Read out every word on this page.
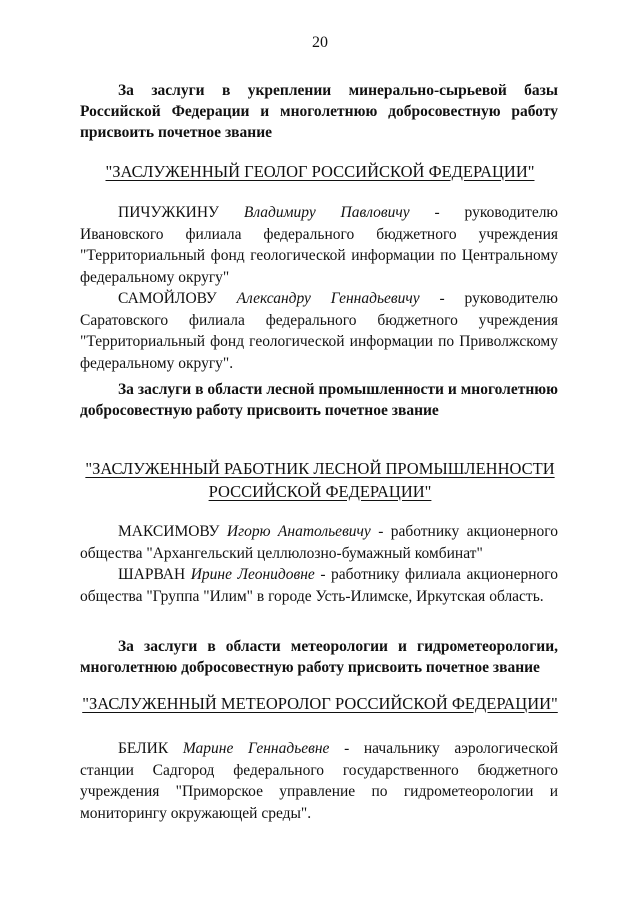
20
За заслуги в укреплении минерально-сырьевой базы Российской Федерации и многолетнюю добросовестную работу присвоить почетное звание
"ЗАСЛУЖЕННЫЙ ГЕОЛОГ РОССИЙСКОЙ ФЕДЕРАЦИИ"
ПИЧУЖКИНУ Владимиру Павловичу - руководителю Ивановского филиала федерального бюджетного учреждения "Территориальный фонд геологической информации по Центральному федеральному округу"
САМОЙЛОВУ Александру Геннадьевичу - руководителю Саратовского филиала федерального бюджетного учреждения "Территориальный фонд геологической информации по Приволжскому федеральному округу".
За заслуги в области лесной промышленности и многолетнюю добросовестную работу присвоить почетное звание
"ЗАСЛУЖЕННЫЙ РАБОТНИК ЛЕСНОЙ ПРОМЫШЛЕННОСТИ
РОССИЙСКОЙ ФЕДЕРАЦИИ"
МАКСИМОВУ Игорю Анатольевичу - работнику акционерного общества "Архангельский целлюлозно-бумажный комбинат"
ШАРВАН Ирине Леонидовне - работнику филиала акционерного общества "Группа "Илим" в городе Усть-Илимске, Иркутская область.
За заслуги в области метеорологии и гидрометеорологии, многолетнюю добросовестную работу присвоить почетное звание
"ЗАСЛУЖЕННЫЙ МЕТЕОРОЛОГ РОССИЙСКОЙ ФЕДЕРАЦИИ"
БЕЛИК Марине Геннадьевне - начальнику аэрологической станции Садгород федерального государственного бюджетного учреждения "Приморское управление по гидрометеорологии и мониторингу окружающей среды".
